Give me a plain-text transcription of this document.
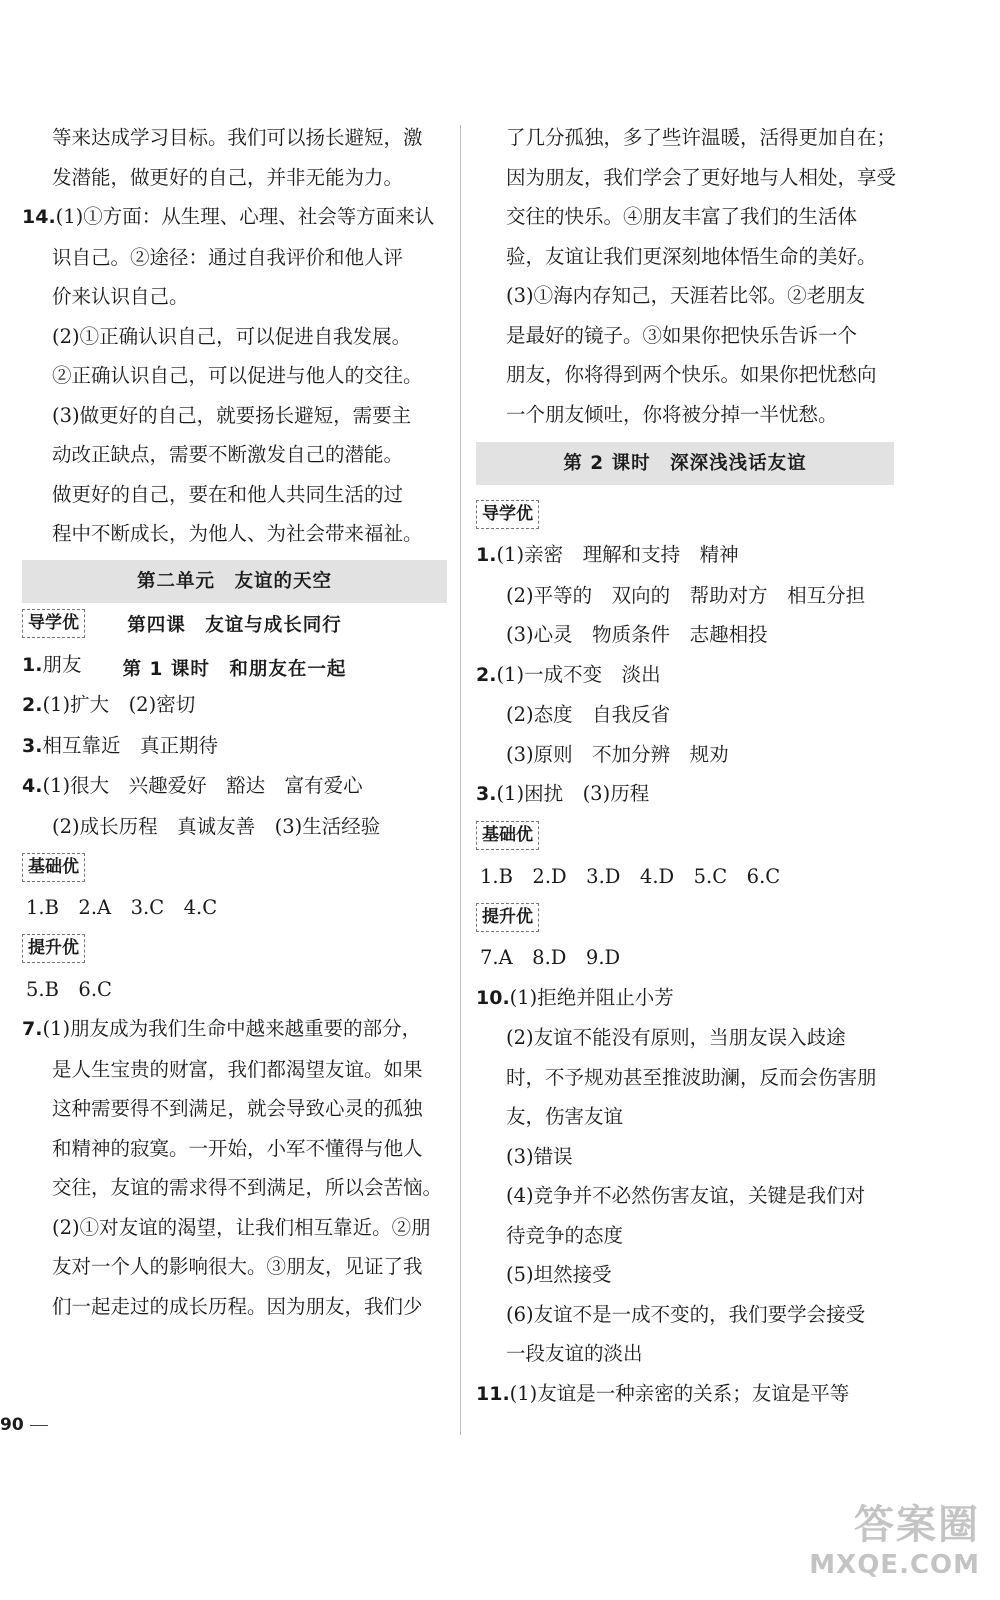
等来达成学习目标。我们可以扬长避短，激
发潜能，做更好的自己，并非无能为力。
14.(1)①方面：从生理、心理、社会等方面来认
识自己。②途径：通过自我评价和他人评
价来认识自己。
(2)①正确认识自己，可以促进自我发展。
②正确认识自己，可以促进与他人的交往。
(3)做更好的自己，就要扬长避短，需要主
动改正缺点，需要不断激发自己的潜能。
做更好的自己，要在和他人共同生活的过
程中不断成长，为他人、为社会带来福祉。
第二单元　友谊的天空
第四课　友谊与成长同行
第 1 课时　和朋友在一起
导学优
1.朋友
2.(1)扩大　(2)密切
3.相互靠近　真正期待
4.(1)很大　兴趣爱好　豁达　富有爱心
(2)成长历程　真诚友善　(3)生活经验
基础优
1.B　2.A　3.C　4.C
提升优
5.B　6.C
7.(1)朋友成为我们生命中越来越重要的部分，
是人生宝贵的财富，我们都渴望友谊。如果
这种需要得不到满足，就会导致心灵的孤独
和精神的寂寞。一开始，小军不懂得与他人
交往，友谊的需求得不到满足，所以会苦恼。
(2)①对友谊的渴望，让我们相互靠近。②朋
友对一个人的影响很大。③朋友，见证了我
们一起走过的成长历程。因为朋友，我们少
了几分孤独，多了些许温暖，活得更加自在；
因为朋友，我们学会了更好地与人相处，享受
交往的快乐。④朋友丰富了我们的生活体
验，友谊让我们更深刻地体悟生命的美好。
(3)①海内存知己，天涯若比邻。②老朋友
是最好的镜子。③如果你把快乐告诉一个
朋友，你将得到两个快乐。如果你把忧愁向
一个朋友倾吐，你将被分掉一半忧愁。
第 2 课时　深深浅浅话友谊
导学优
1.(1)亲密　理解和支持　精神
(2)平等的　双向的　帮助对方　相互分担
(3)心灵　物质条件　志趣相投
2.(1)一成不变　淡出
(2)态度　自我反省
(3)原则　不加分辨　规劝
3.(1)困扰　(3)历程
基础优
1.B　2.D　3.D　4.D　5.C　6.C
提升优
7.A　8.D　9.D
10.(1)拒绝并阻止小芳
(2)友谊不能没有原则，当朋友误入歧途
时，不予规劝甚至推波助澜，反而会伤害朋
友，伤害友谊
(3)错误
(4)竞争并不必然伤害友谊，关键是我们对
待竞争的态度
(5)坦然接受
(6)友谊不是一成不变的，我们要学会接受
一段友谊的淡出
11.(1)友谊是一种亲密的关系；友谊是平等
90
答案圈
MXQE.COM
